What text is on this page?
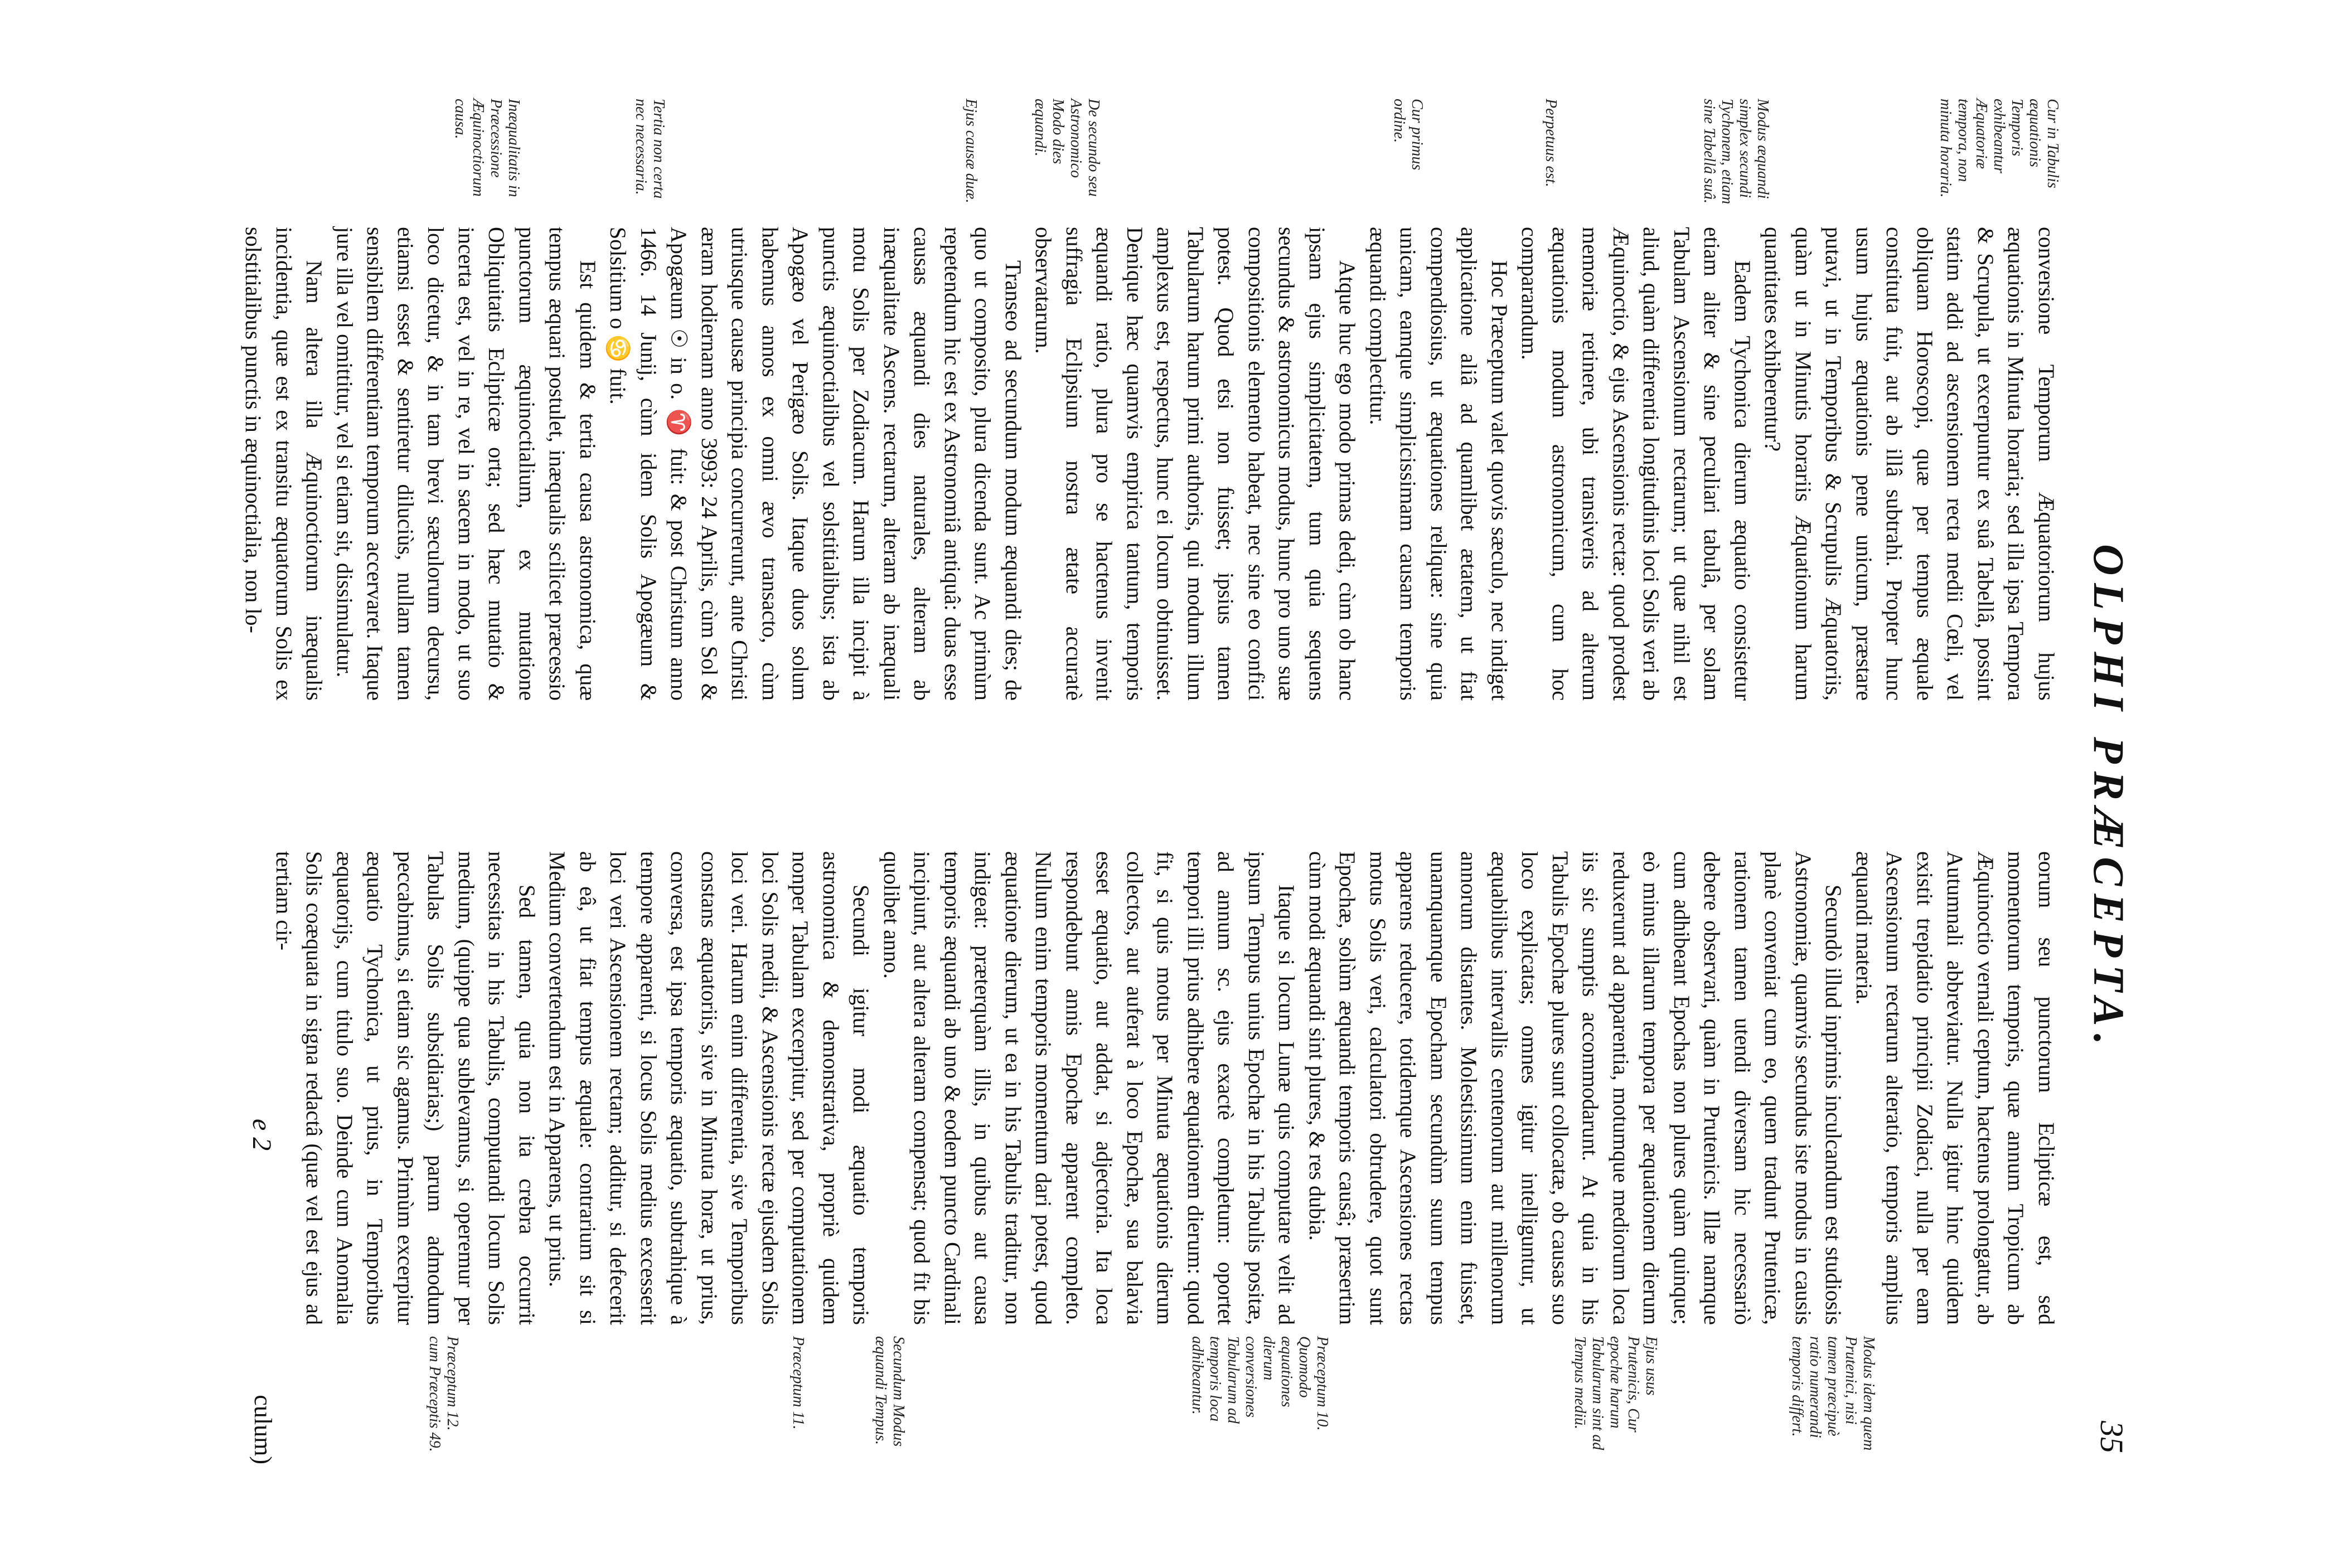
OLPHI PRÆCEPTA.
35
Cur in Tabulis æquationis Temporis exhibeantur Æquatoriæ tempora, non minuta horaria.
Modus æquandi simplex secundi Tychonem, etiam sine Tabellâ suâ.
Perpetuus est.
Cur primus ordine.
De secundo seu Astronomico Modo dies æquandi.
Ejus causæ duæ.
Tertia non certa nec necessaria.
Inæqualitatis in Præcessione Æquinoctiorum causa.

conversione Temporum Æquatoriorum hujus æquationis in Minuta horaria; sed illa ipsa Tempora & Scrupula, ut excerpuntur ex suâ Tabellâ, possint statim addi ad ascensionem recta medii Cœli, vel obliquam Horoscopi, quæ per tempus æquale constituta fuit, aut ab illâ subtrahi. Propter hunc usum hujus æquationis pene unicum, præstare putavi, ut in Temporibus & Scrupulis Æquatoriis, quàm ut in Minutis horariis Æquationum harum quantitates exhiberentur?

Eadem Tychonica dierum æquatio consistetur etiam aliter & sine peculiari tabulâ, per solam Tabulam Ascensionum rectarum; ut quæ nihil est aliud, quàm differentia longitudinis loci Solis veri ab Æquinoctio, & ejus Ascensionis rectæ: quod prodest memoriæ retinere, ubi transiveris ad alterum æquationis modum astronomicum, cum hoc comparandum.

Hoc Præceptum valet quovis sæculo, nec indiget applicatione aliâ ad quamlibet ætatem, ut fiat compendiosius, ut æquationes reliquæ: sine quia unicam, eamque simplicissimam causam temporis æquandi complectitur.

Atque huc ego modo primas dedi, cùm ob hanc ipsam ejus simplicitatem, tum quia sequens secundus & astronomicus modus, hunc pro uno suæ compositionis elemento habeat, nec sine eo confici potest. Quod etsi non fuisset; ipsius tamen Tabularum harum primi authoris, qui modum illum amplexus est, respectus, hunc ei locum obtinuisset. Denique hæc quamvis empirica tantum, temporis æquandi ratio, plura pro se hactenus invenit suffragia Eclipsium nostra ætate accuratè observatarum.

Transeo ad secundum modum æquandi dies; de quo ut composito, plura dicenda sunt. Ac primùm repetendum hic est ex Astronomiâ antiquâ: duas esse causas æquandi dies naturales, alteram ab inæqualitate Ascens. rectarum, alteram ab inæquali motu Solis per Zodiacum. Harum illa incipit à punctis æquinoctialibus vel solstitialibus; ista ab Apogæo vel Perigæo Solis. Itaque duos solum habemus annos ex omni ævo transacto, cùm utriusque causæ principia concurrerunt, ante Christi æram hodiernam anno 3993: 24 Aprilis, cùm Sol & Apogæum ☉ in o. ♈ fuit: & post Christum anno 1466. 14 Junij, cùm idem Solis Apogæum & Solsitium o ♋ fuit.

Est quidem & tertia causa astronomica, quæ tempus æquari postulet, inæqualis scilicet præcessio punctorum æquinoctialium, ex mutatione Obliquitatis Eclipticæ orta; sed hæc mutatio & incerta est, vel in re, vel in sacem in modo, ut suo loco dicetur, & in tam brevi sæculorum decursu, etiamsi esset & sentiretur diluciùs, nullam tamen sensibilem differentiam temporum accervaret. Itaque jure illa vel omittitur, vel si etiam sit, dissimulatur.

Nam altera illa Æquinoctiorum inæqualis incidentia, quæ est ex transitu æquatorum Solis ex solstitialibus punctis in æquinoctialia, non lo-

eorum seu punctorum Eclipticæ est, sed momentorum temporis, quæ annum Tropicum ab Æquinoctio vernali ceptum, hactenus prolongatur, ab Autumnali abbreviatur. Nulla igitur hinc quidem existit trepidatio principii Zodiaci, nulla per eam Ascensionum rectarum alteratio, temporis amplius æquandi materia.

Secundò illud inprimis inculcandum est studiosis Astronomiæ, quamvis secundus iste modus in causis planè conveniat cum eo, quem tradunt Prutenicæ, rationem tamen utendi diversam hic necessariò debere observari, quàm in Prutenicis. Illæ namque cum adhibeant Epochas non plures quàm quinque; eò minus illarum tempora per æquationem dierum reduxerunt ad apparentia, motumque mediorum loca iis sic sumptis accommodarunt. At quia in his Tabulis Epochæ plures sunt collocatæ, ob causas suo loco explicatas; omnes igitur intelliguntur, ut æquabilibus intervallis centenorum aut millenorum annorum distantes. Molestissimum enim fuisset, unamquamque Epocham secundùm suum tempus apparens reducere, totidemque Ascensiones rectas motus Solis veri, calculatori obtrudere, quot sunt Epochæ, solùm æquandi temporis causâ; præsertim cùm modi æquandi sint plures, & res dubia.

Itaque si locum Lunæ quis computare velit ad ipsum Tempus unius Epochæ in his Tabulis positæ, ad annum sc. ejus exactè completum: oportet tempori illi prius adhibere æquationem dierum: quod fit, si quis motus per Minuta æquationis dierum collectos, aut auferat à loco Epochæ, sua balavia esset æquatio, aut addat, si adjectoria. Ita loca respondebunt annis Epochæ apparent completo. Nullum enim temporis momentum dari potest, quod æquatione dierum, ut ea in his Tabulis traditur, non indigeat: præterquàm illis, in quibus aut causa temporis æquandi ab uno & eodem puncto Cardinali incipiunt, aut altera alteram compensat; quod fit bis quolibet anno.

Secundi igitur modi æquatio temporis astronomica & demonstrativa, propriè quidem nonper Tabulam excerpitur, sed per computationem loci Solis medii, & Ascensionis rectæ ejusdem Solis loci veri. Harum enim differentia, sive Temporibus constans æquatoriis, sive in Minuta horæ, ut prius, conversa, est ipsa temporis æquatio, subtrahique à tempore apparenti, si locus Solis medius excesserit loci veri Ascensionem rectam; additur, si defecerit ab eâ, ut fiat tempus æquale: contrarium sit si Medium convertendum est in Apparens, ut prius.

Sed tamen, quia non ita crebra occurrit necessitas in his Tabulis, computandi locum Solis medium, (quippe qua sublevamus, si operemur per Tabulas Solis subsidiarias;) parum admodum peccabimus, si etiam sic agamus. Primùm excerpitur æquatio Tychonica, ut prius, in Temporibus æquatorijs, cum titulo suo. Deinde cum Anomalia Solis coæquata in signa redactâ (quæ vel est ejus ad tertiam cir-

Modus idem quem Prutenici, nisi tamen præcipuè ratio numerandi temporis differt.
Ejus usus Prutenicis, Cur epochæ harum Tabularum sint ad Tempus mediū.
Præceptum 10. Quomodo æquationes dierum conversiones Tabularum ad temporis loca adhibeantur.
Secundum Modus æquandi Tempus.
Præceptum 11.
Præceptum 12. cum Præceptis 49.
e 2
culum)
